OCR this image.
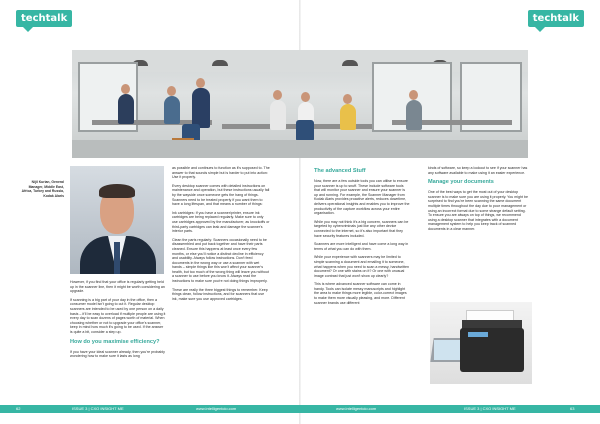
techtalk	techtalk
Nijil Kurian, General Manager, Middle East, Africa, Turkey and Russia, Kodak Alaris

However, if you find that your office is regularly getting held up in the scanner line, then it might be worth considering an upgrade.

If scanning is a big part of your day in the office, then a consumer model isn't going to cut it. Regular desktop scanners are intended to be used by one person on a daily basis – it'll be easy to overload if multiple people are using it every day to scan dozens of pages worth of material. When choosing whether or not to upgrade your office's scanner, keep in mind how much it's going to be used. If the answer is quite a bit, consider a step up.

How do you maximise efficiency?

If you have your ideal scanner already, then you're probably wondering how to make sure it lasts as long

as possible and continues to function as it's supposed to. The answer to that sounds simple but is harder to put into action: Use it properly.

Every desktop scanner comes with detailed instructions on maintenance and operation, but these instructions usually fall by the wayside once someone gets the hang of things. Scanners need to be treated properly if you want them to have a long lifespan, and that means a number of things:

Ink cartridges: If you have a scanner/printer, ensure ink cartridges are being replaced regularly. Make sure to only use cartridges approved by the manufacturer, as knockoffs or third-party cartridges can leak and damage the scanner's interior parts.

Clean the parts regularly: Scanners occasionally need to be disassembled and put back together and have their parts cleaned. Ensure this happens at least once every few months, or else you'll notice a distinct decline in efficiency and usability. Always follow instructions. Don't feed documents in the wrong way or use a scanner with wet hands – simple things like this won't affect your scanner's health, but too much of the wrong thing will leave you without a scanner to use before you know it. Always read the instructions to make sure you're not doing things improperly.

These are really the three biggest things to remember. Keep things clean, follow instructions, and for scanners that use ink, make sure you use approved cartridges.

The advanced Stuff

Now, there are a few outside tools you can utilise to ensure your scanner is up to snuff. These include software tools that will monitor your scanner and ensure your scanner is up and running. For example, the Scanner Manager from Kodak Alaris provides proactive alerts, reduces downtime, delivers operational insights and enables you to improve the productivity of the capture workflow across your entire organisation.

While you may not think it's a big concern, scanners can be targeted by cybercriminals just like any other device connected to the internet, so it's also important that they have security features included.

Scanners are more intelligent and have come a long way in terms of what you can do with them.

While your experience with scanners may be limited to simple scanning a document and emailing it to someone, what happens when you need to scan a messy, handwritten document? Or one with stains on it? Or one with unusual image contrast that just won't show up clearly?

This is where advanced scanner software can come in handy. Tools can isolate messy manuscripts and highlight the area to make things more legible, color-correct images to make them more visually pleasing, and more. Different scanner brands use different

kinds of software, so keep a lookout to see if your scanner has any software available to make using it an easier experience.

Manage your documents

One of the best ways to get the most out of your desktop scanner is to make sure you are using it properly. You might be surprised to find you're been scanning the same document multiple times throughout the day due to poor management or using an incorrect format due to some strange default setting. To ensure you are always on top of things, we recommend using a desktop scanner that integrates with a document management system to help you keep track of scanned documents in a clear manner.

62	ISSUE 3 | CXO INSIGHT ME	www.intelligentcio.com	www.intelligentcio.com	ISSUE 3 | CXO INSIGHT ME	63
